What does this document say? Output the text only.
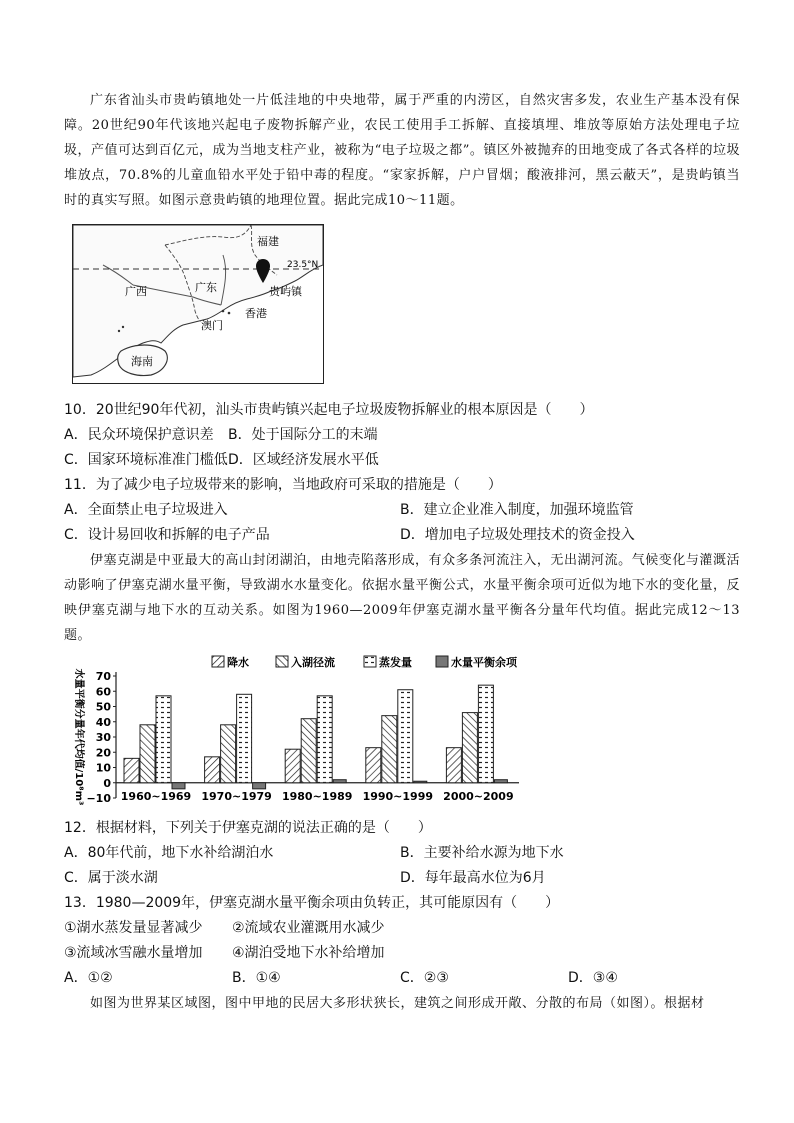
广东省汕头市贵屿镇地处一片低洼地的中央地带，属于严重的内涝区，自然灾害多发，农业生产基本没有保障。20世纪90年代该地兴起电子废物拆解产业，农民工使用手工拆解、直接填埋、堆放等原始方法处理电子垃圾，产值可达到百亿元，成为当地支柱产业，被称为“电子垃圾之都”。镇区外被抛弃的田地变成了各式各样的垃圾堆放点，70.8%的儿童血铅水平处于铅中毒的程度。“家家拆解，户户冒烟；酸液排河，黑云蔽天”，是贵屿镇当时的真实写照。如图示意贵屿镇的地理位置。据此完成10～11题。

福建
广西	广东	贵屿镇
香港
澳门
海南
23.5°N
10．20世纪90年代初，汕头市贵屿镇兴起电子垃圾废物拆解业的根本原因是（　　）
A．民众环境保护意识差 B．处于国际分工的末端
C．国家环境标准准门槛低 D．区域经济发展水平低
11．为了减少电子垃圾带来的影响，当地政府可采取的措施是（　　）
A．全面禁止电子垃圾进入	B．建立企业准入制度，加强环境监管
C．设计易回收和拆解的电子产品	D．增加电子垃圾处理技术的资金投入

伊塞克湖是中亚最大的高山封闭湖泊，由地壳陷落形成，有众多条河流注入，无出湖河流。气候变化与灌溉活动影响了伊塞克湖水量平衡，导致湖水水量变化。依据水量平衡公式，水量平衡余项可近似为地下水的变化量，反映伊塞克湖与地下水的互动关系。如图为1960—2009年伊塞克湖水量平衡各分量年代均值。据此完成12～13题。

降水	入湖径流	蒸发量	水量平衡余项
70
60
50
40
30
20
10
0
−10 1960~1969 1970~1979 1980~1989 1990~1999 2000~2009
水量平衡分量年代均值/10⁸m³
12．根据材料，下列关于伊塞克湖的说法正确的是（　　）
A．80年代前，地下水补给湖泊水	B．主要补给水源为地下水
C．属于淡水湖	D．每年最高水位为6月
13．1980—2009年，伊塞克湖水量平衡余项由负转正，其可能原因有（　　）
①湖水蒸发量显著减少 ②流域农业灌溉用水减少
③流域冰雪融水量增加 ④湖泊受地下水补给增加
A．①②	B．①④	C．②③	D．③④

如图为世界某区域图，图中甲地的民居大多形状狭长，建筑之间形成开敞、分散的布局（如图）。根据材
